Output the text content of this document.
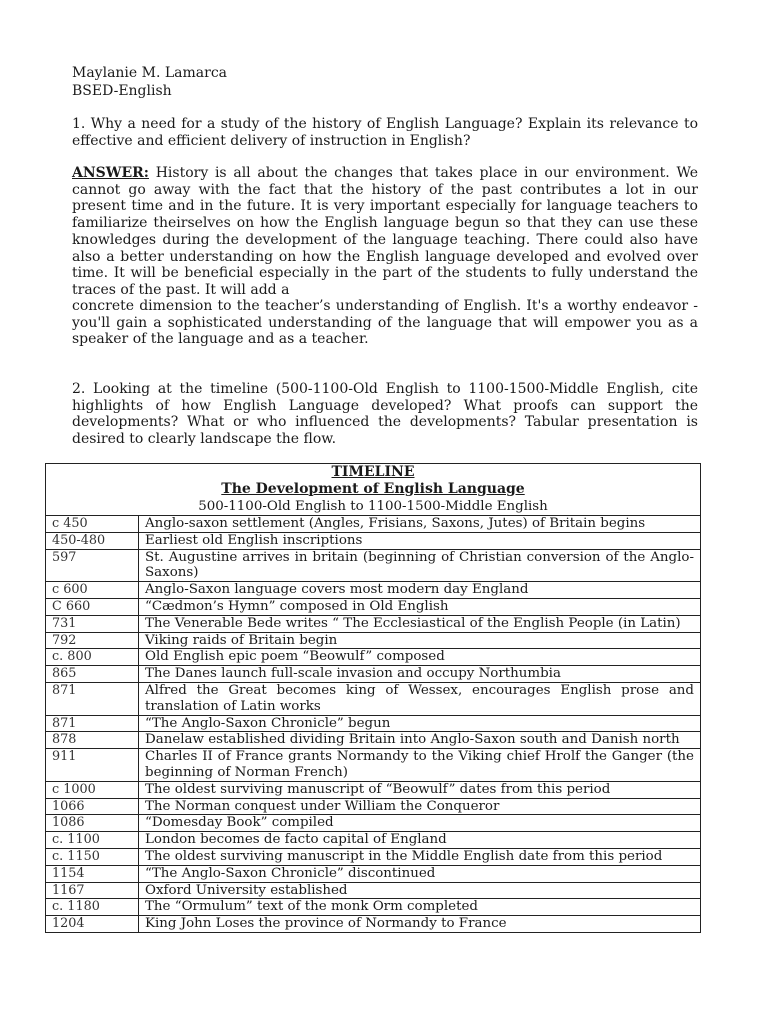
Maylanie M. Lamarca
BSED-English
1. Why a need for a study of the history of English Language? Explain its relevance to effective and efficient delivery of instruction in English?
ANSWER: History is all about the changes that takes place in our environment. We cannot go away with the fact that the history of the past contributes a lot in our present time and in the future. It is very important especially for language teachers to familiarize theirselves on how the English language begun so that they can use these knowledges during the development of the language teaching. There could also have also a better understanding on how the English language developed and evolved over time. It will be beneficial especially in the part of the students to fully understand the traces of the past. It will add a
concrete dimension to the teacher’s understanding of English. It's a worthy endeavor - you'll gain a sophisticated understanding of the language that will empower you as a speaker of the language and as a teacher.
2. Looking at the timeline (500-1100-Old English to 1100-1500-Middle English, cite highlights of how English Language developed? What proofs can support the developments? What or who influenced the developments? Tabular presentation is desired to clearly landscape the flow.
TIMELINE
The Development of English Language
500-1100-Old English to 1100-1500-Middle English	

c 450	Anglo-saxon settlement (Angles, Frisians, Saxons, Jutes) of Britain begins
450-480	Earliest old English inscriptions
597	St. Augustine arrives in britain (beginning of Christian conversion of the Anglo-Saxons)
c 600	Anglo-Saxon language covers most modern day England
C 660	“Cædmon’s Hymn” composed in Old English
731	The Venerable Bede writes “ The Ecclesiastical of the English People (in Latin)
792	Viking raids of Britain begin
c. 800	Old English epic poem “Beowulf” composed
865	The Danes launch full-scale invasion and occupy Northumbia
871	Alfred the Great becomes king of Wessex, encourages English prose and translation of Latin works
871	“The Anglo-Saxon Chronicle” begun
878	Danelaw established dividing Britain into Anglo-Saxon south and Danish north
911	Charles II of France grants Normandy to the Viking chief Hrolf the Ganger (the beginning of Norman French)
c 1000	The oldest surviving manuscript of “Beowulf” dates from this period
1066	The Norman conquest under William the Conqueror
1086	“Domesday Book” compiled
c. 1100	London becomes de facto capital of England
c. 1150	The oldest surviving manuscript in the Middle English date from this period
1154	“The Anglo-Saxon Chronicle” discontinued
1167	Oxford University established
c. 1180	The “Ormulum” text of the monk Orm completed
1204	King John Loses the province of Normandy to France
